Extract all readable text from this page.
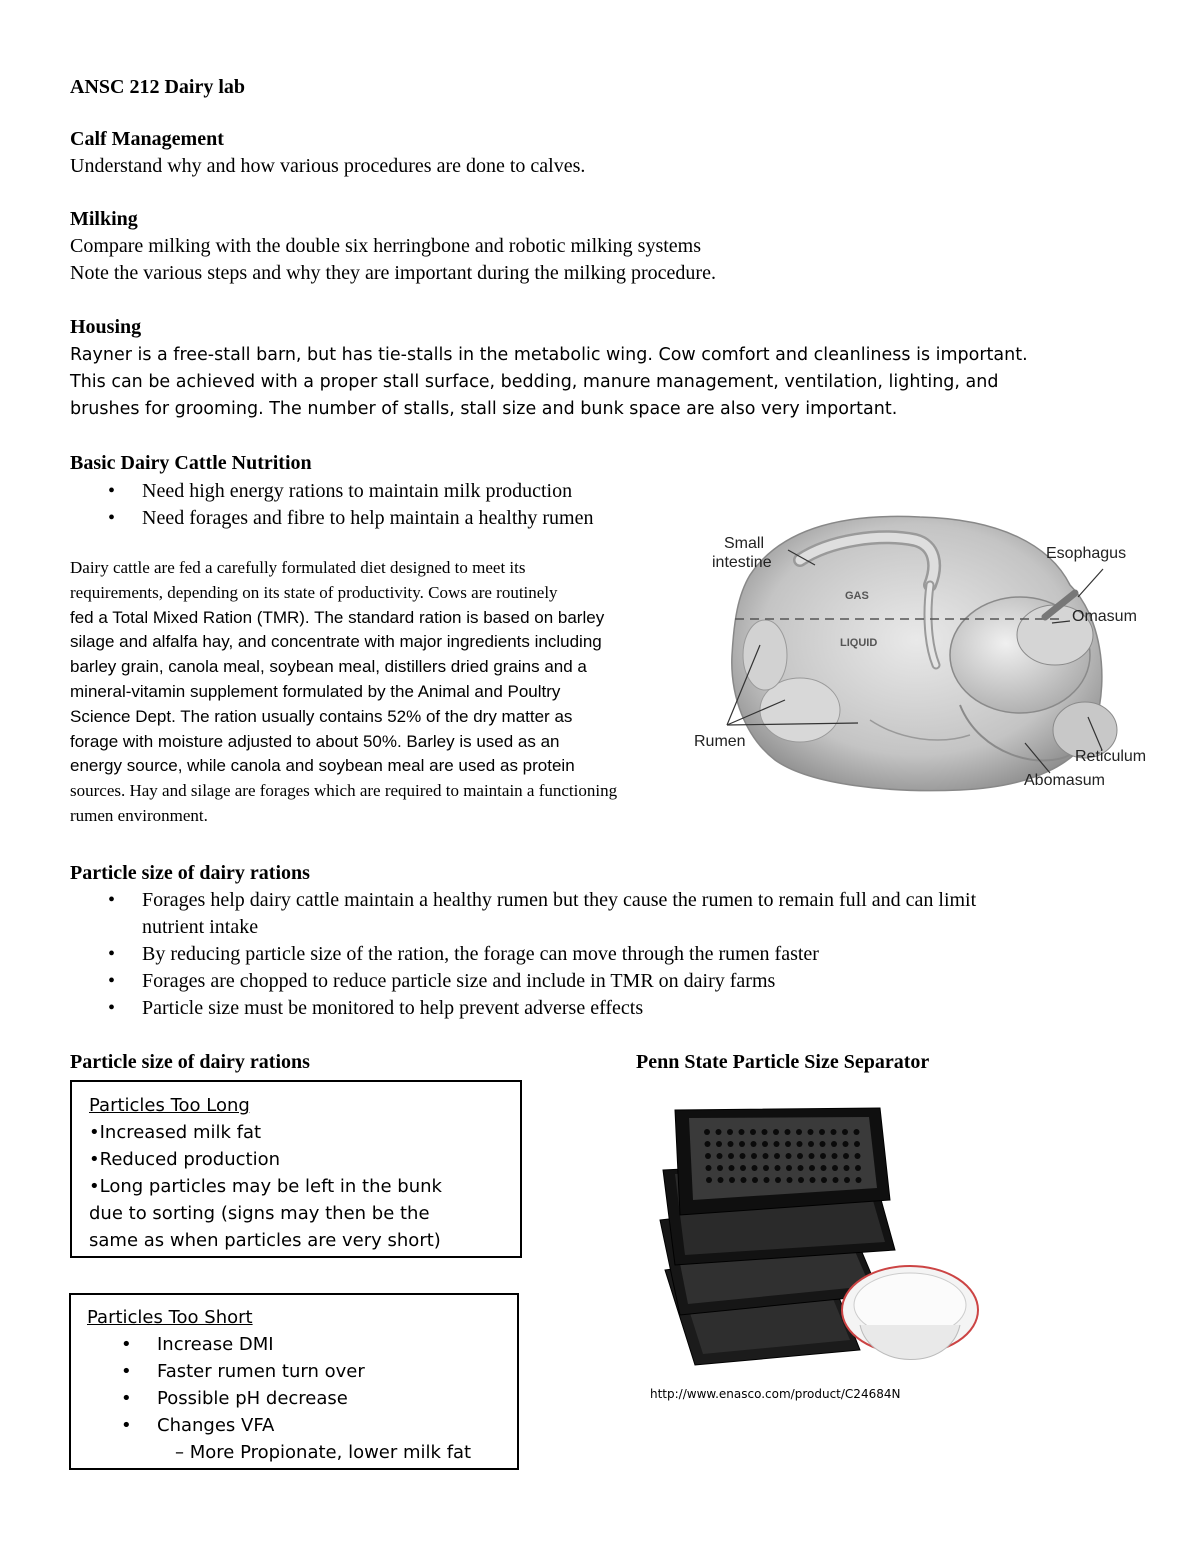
ANSC 212 Dairy lab
Calf Management
Understand why and how various procedures are done to calves.
Milking
Compare milking with the double six herringbone and robotic milking systems
Note the various steps and why they are important during the milking procedure.
Housing
Rayner is a free-stall barn, but has tie-stalls in the metabolic wing. Cow comfort and cleanliness is important.
This can be achieved with a proper stall surface, bedding, manure management, ventilation, lighting, and
brushes for grooming. The number of stalls, stall size and bunk space are also very important.
Basic Dairy Cattle Nutrition
• Need high energy rations to maintain milk production
• Need forages and fibre to help maintain a healthy rumen
Dairy cattle are fed a carefully formulated diet designed to meet its
requirements, depending on its state of productivity. Cows are routinely
fed a Total Mixed Ration (TMR). The standard ration is based on barley
silage and alfalfa hay, and concentrate with major ingredients including
barley grain, canola meal, soybean meal, distillers dried grains and a
mineral-vitamin supplement formulated by the Animal and Poultry
Science Dept. The ration usually contains 52% of the dry matter as
forage with moisture adjusted to about 50%. Barley is used as an
energy source, while canola and soybean meal are used as protein
sources. Hay and silage are forages which are required to maintain a functioning
rumen environment.
Small
intestine
GAS
LIQUID
Esophagus
Omasum
Rumen
Reticulum
Abomasum
Particle size of dairy rations
• Forages help dairy cattle maintain a healthy rumen but they cause the rumen to remain full and can limit
nutrient intake
• By reducing particle size of the ration, the forage can move through the rumen faster
• Forages are chopped to reduce particle size and include in TMR on dairy farms
• Particle size must be monitored to help prevent adverse effects
Particle size of dairy rations	Penn State Particle Size Separator
Particles Too Long
•Increased milk fat
•Reduced production
•Long particles may be left in the bunk
due to sorting (signs may then be the
same as when particles are very short)
Particles Too Short
• Increase DMI
• Faster rumen turn over
• Possible pH decrease
• Changes VFA
– More Propionate, lower milk fat
http://www.enasco.com/product/C24684N
